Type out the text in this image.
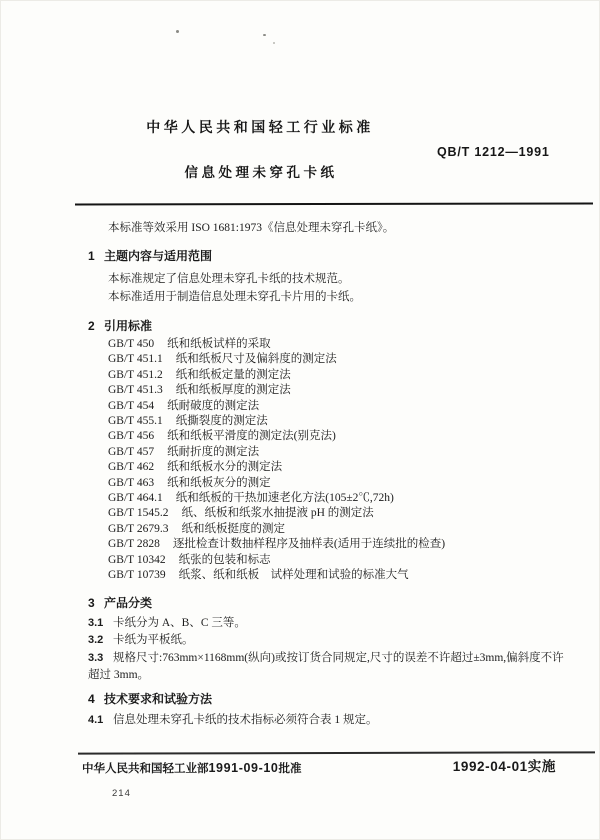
中华人民共和国轻工行业标准
QB/T 1212—1991
信息处理未穿孔卡纸
本标准等效采用 ISO 1681:1973《信息处理未穿孔卡纸》。
1 主题内容与适用范围

本标准规定了信息处理未穿孔卡纸的技术规范。

本标准适用于制造信息处理未穿孔卡片用的卡纸。

2 引用标准
GB/T 450 纸和纸板试样的采取
GB/T 451.1 纸和纸板尺寸及偏斜度的测定法
GB/T 451.2 纸和纸板定量的测定法
GB/T 451.3 纸和纸板厚度的测定法
GB/T 454 纸耐破度的测定法
GB/T 455.1 纸撕裂度的测定法
GB/T 456 纸和纸板平滑度的测定法(别克法)
GB/T 457 纸耐折度的测定法
GB/T 462 纸和纸板水分的测定法
GB/T 463 纸和纸板灰分的测定
GB/T 464.1 纸和纸板的干热加速老化方法(105±2℃,72h)
GB/T 1545.2 纸、纸板和纸浆水抽提液 pH 的测定法
GB/T 2679.3 纸和纸板挺度的测定
GB/T 2828 逐批检查计数抽样程序及抽样表(适用于连续批的检查)
GB/T 10342 纸张的包装和标志
GB/T 10739 纸浆、纸和纸板　试样处理和试验的标准大气
3 产品分类
3.1 卡纸分为 A、B、C 三等。
3.2 卡纸为平板纸。
3.3 规格尺寸:763mm×1168mm(纵向)或按订货合同规定,尺寸的误差不许超过±3mm,偏斜度不许超过 3mm。
4 技术要求和试验方法
4.1 信息处理未穿孔卡纸的技术指标必须符合表 1 规定。
中华人民共和国轻工业部1991-09-10批准	1992-04-01实施
214
